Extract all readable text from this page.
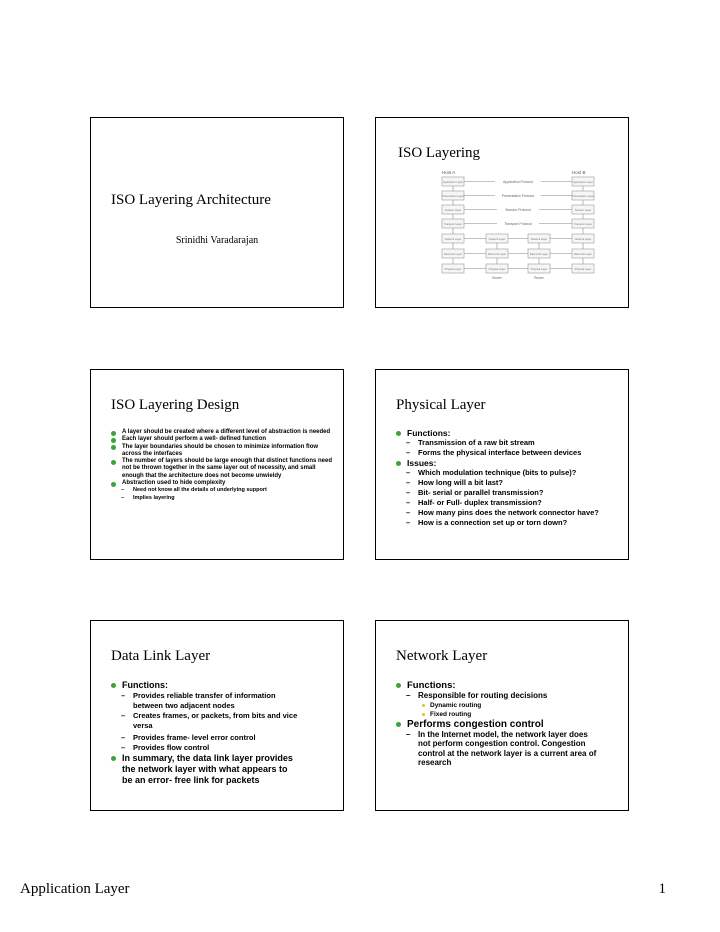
ISO Layering Architecture
Srinidhi Varadarajan
ISO Layering
Host A	Host B
Application Protocol
Presentation Protocol
Session Protocol
Transport Protocol
Application Layer	Application Layer
Presentation Layer	Presentation Layer
Session Layer	Session Layer
Transport Layer	Transport Layer
Network Layer	Network Layer
Data Link Layer	Data Link Layer
Physical Layer	Physical Layer
Network Layer	Network Layer
Data Link Layer	Data Link Layer
Physical Layer	Physical Layer
Router	Router
ISO Layering Design
A layer should be created where a different level of abstraction is needed
Each layer should perform a well- defined function
The layer boundaries should be chosen to minimize information flow across the interfaces
The number of layers should be large enough that distinct functions need not be thrown together in the same layer out of necessity, and small enough that the architecture does not become unwieldy
Abstraction used to hide complexity
– Need not know all the details of underlying support
– Implies layering
Physical Layer
Functions:
– Transmission of a raw bit stream
– Forms the physical interface between devices
Issues:
– Which modulation technique (bits to pulse)?
– How long will a bit last?
– Bit- serial or parallel transmission?
– Half- or Full- duplex transmission?
– How many pins does the network connector have?
– How is a connection set up or torn down?
Data Link Layer
Functions:
– Provides reliable transfer of information between two adjacent nodes
– Creates frames, or packets, from bits and vice versa
– Provides frame- level error control
– Provides flow control
In summary, the data link layer provides the network layer with what appears to be an error- free link for packets
Network Layer
Functions:
– Responsible for routing decisions
Dynamic routing
Fixed routing
Performs congestion control
– In the Internet model, the network layer does not perform congestion control. Congestion control at the network layer is a current area of research
Application Layer	1
